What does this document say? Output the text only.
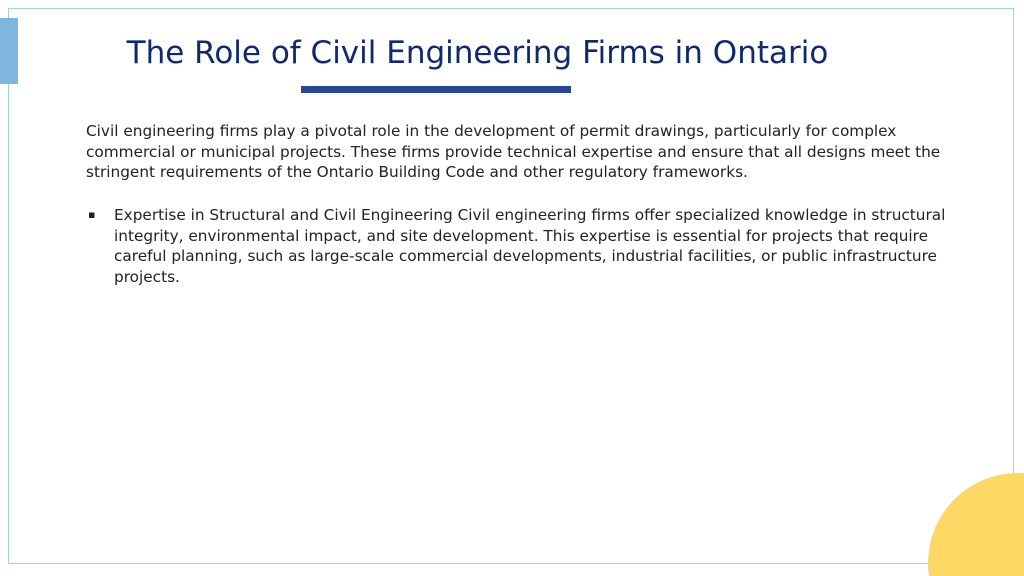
The Role of Civil Engineering Firms in Ontario

Civil engineering firms play a pivotal role in the development of permit drawings, particularly for complex commercial or municipal projects. These firms provide technical expertise and ensure that all designs meet the stringent requirements of the Ontario Building Code and other regulatory frameworks.

▪ Expertise in Structural and Civil Engineering Civil engineering firms offer specialized knowledge in structural integrity, environmental impact, and site development. This expertise is essential for projects that require careful planning, such as large-scale commercial developments, industrial facilities, or public infrastructure projects.
